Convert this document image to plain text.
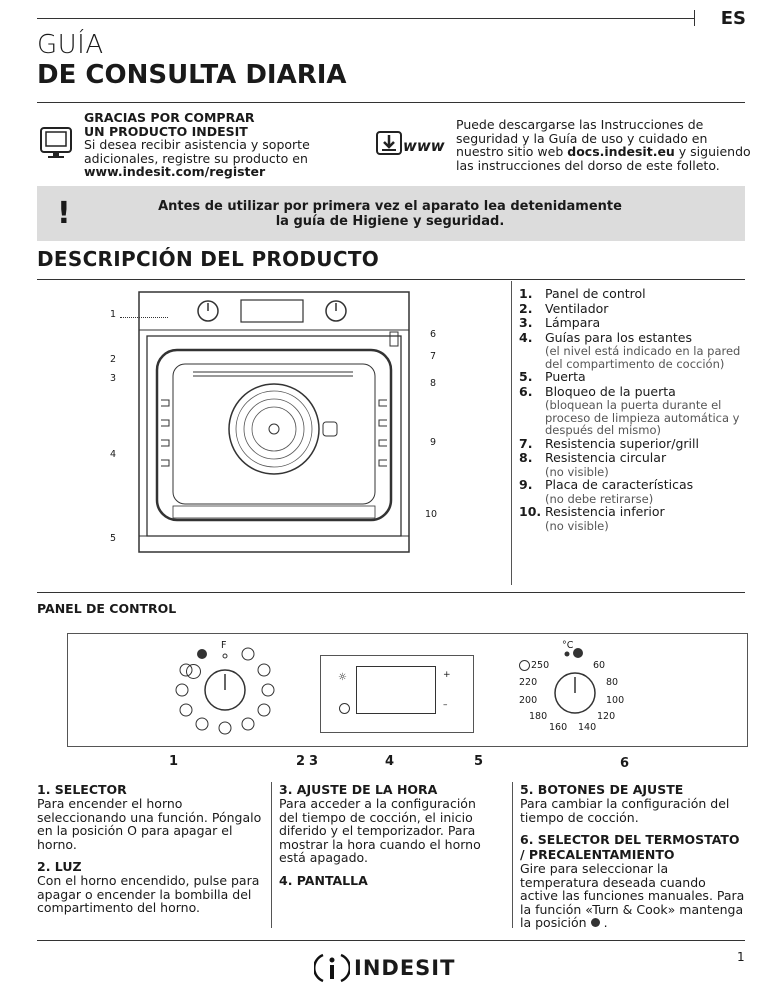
ES
GUÍA
DE CONSULTA DIARIA
GRACIAS POR COMPRAR
UN PRODUCTO INDESIT
Si desea recibir asistencia y soporte
adicionales, registre su producto en
www.indesit.com/register
www
Puede descargarse las Instrucciones de
seguridad y la Guía de uso y cuidado en
nuestro sitio web docs.indesit.eu y siguiendo
las instrucciones del dorso de este folleto.
!	Antes de utilizar por primera vez el aparato lea detenidamente
la guía de Higiene y seguridad.
DESCRIPCIÓN DEL PRODUCTO
1
2
3
4
5
6
7
8
9
10
1.	Panel de control
2.	Ventilador
3.	Lámpara
4.	Guías para los estantes
(el nivel está indicado en la pared del compartimento de cocción)
5.	Puerta
6.	Bloqueo de la puerta
(bloquean la puerta durante el proceso de limpieza automática y después del mismo)
7.	Resistencia superior/grill
8.	Resistencia circular
(no visible)
9.	Placa de características
(no debe retirarse)
10. Resistencia inferior
(no visible)
PANEL DE CONTROL
F
☼	+
–
°C
250	60
220	80
200	100
180	120
160 140
1	2 3	4	5	6
1. SELECTOR

Para encender el horno seleccionando una función. Póngalo en la posición O para apagar el horno.

2. LUZ

Con el horno encendido, pulse para apagar o encender la bombilla del compartimento del horno.

3. AJUSTE DE LA HORA

Para acceder a la configuración del tiempo de cocción, el inicio diferido y el temporizador. Para mostrar la hora cuando el horno está apagado.

4. PANTALLA
5. BOTONES DE AJUSTE

Para cambiar la configuración del tiempo de cocción.

6. SELECTOR DEL TERMOSTATO / PRECALENTAMIENTO

Gire para seleccionar la temperatura deseada cuando active las funciones manuales. Para la función «Turn & Cook» mantenga la posición .

INDESIT	1
